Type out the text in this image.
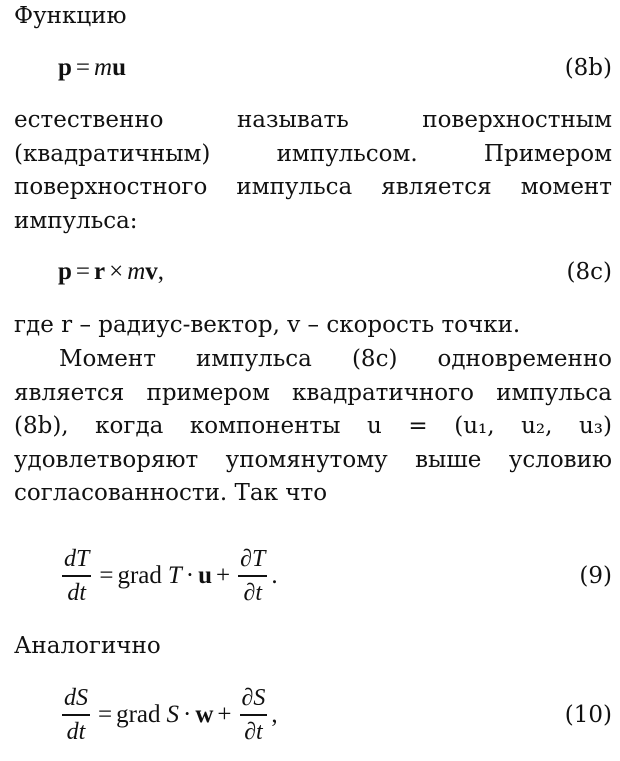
Функцию
p = m u	(8b)
естественно называть поверхностным (квадратичным) импульсом. Примером поверхностного импульса является момент импульса:
p = r × m v ,	(8c)
где r – радиус-вектор, v – скорость точки.
Момент импульса (8c) одновременно является примером квадратичного импульса (8b), когда компоненты u = (u₁, u₂, u₃) удовлетворяют упомянутому выше условию согласованности. Так что
$\frac{dT}{dt}$ = grad $T \cdot u + \frac{\partial T}{\partial t}$ .	(9)
Аналогично
$\frac{dS}{dt}$ = grad $S \cdot w + \frac{\partial S}{\partial t}$ ,	(10)
